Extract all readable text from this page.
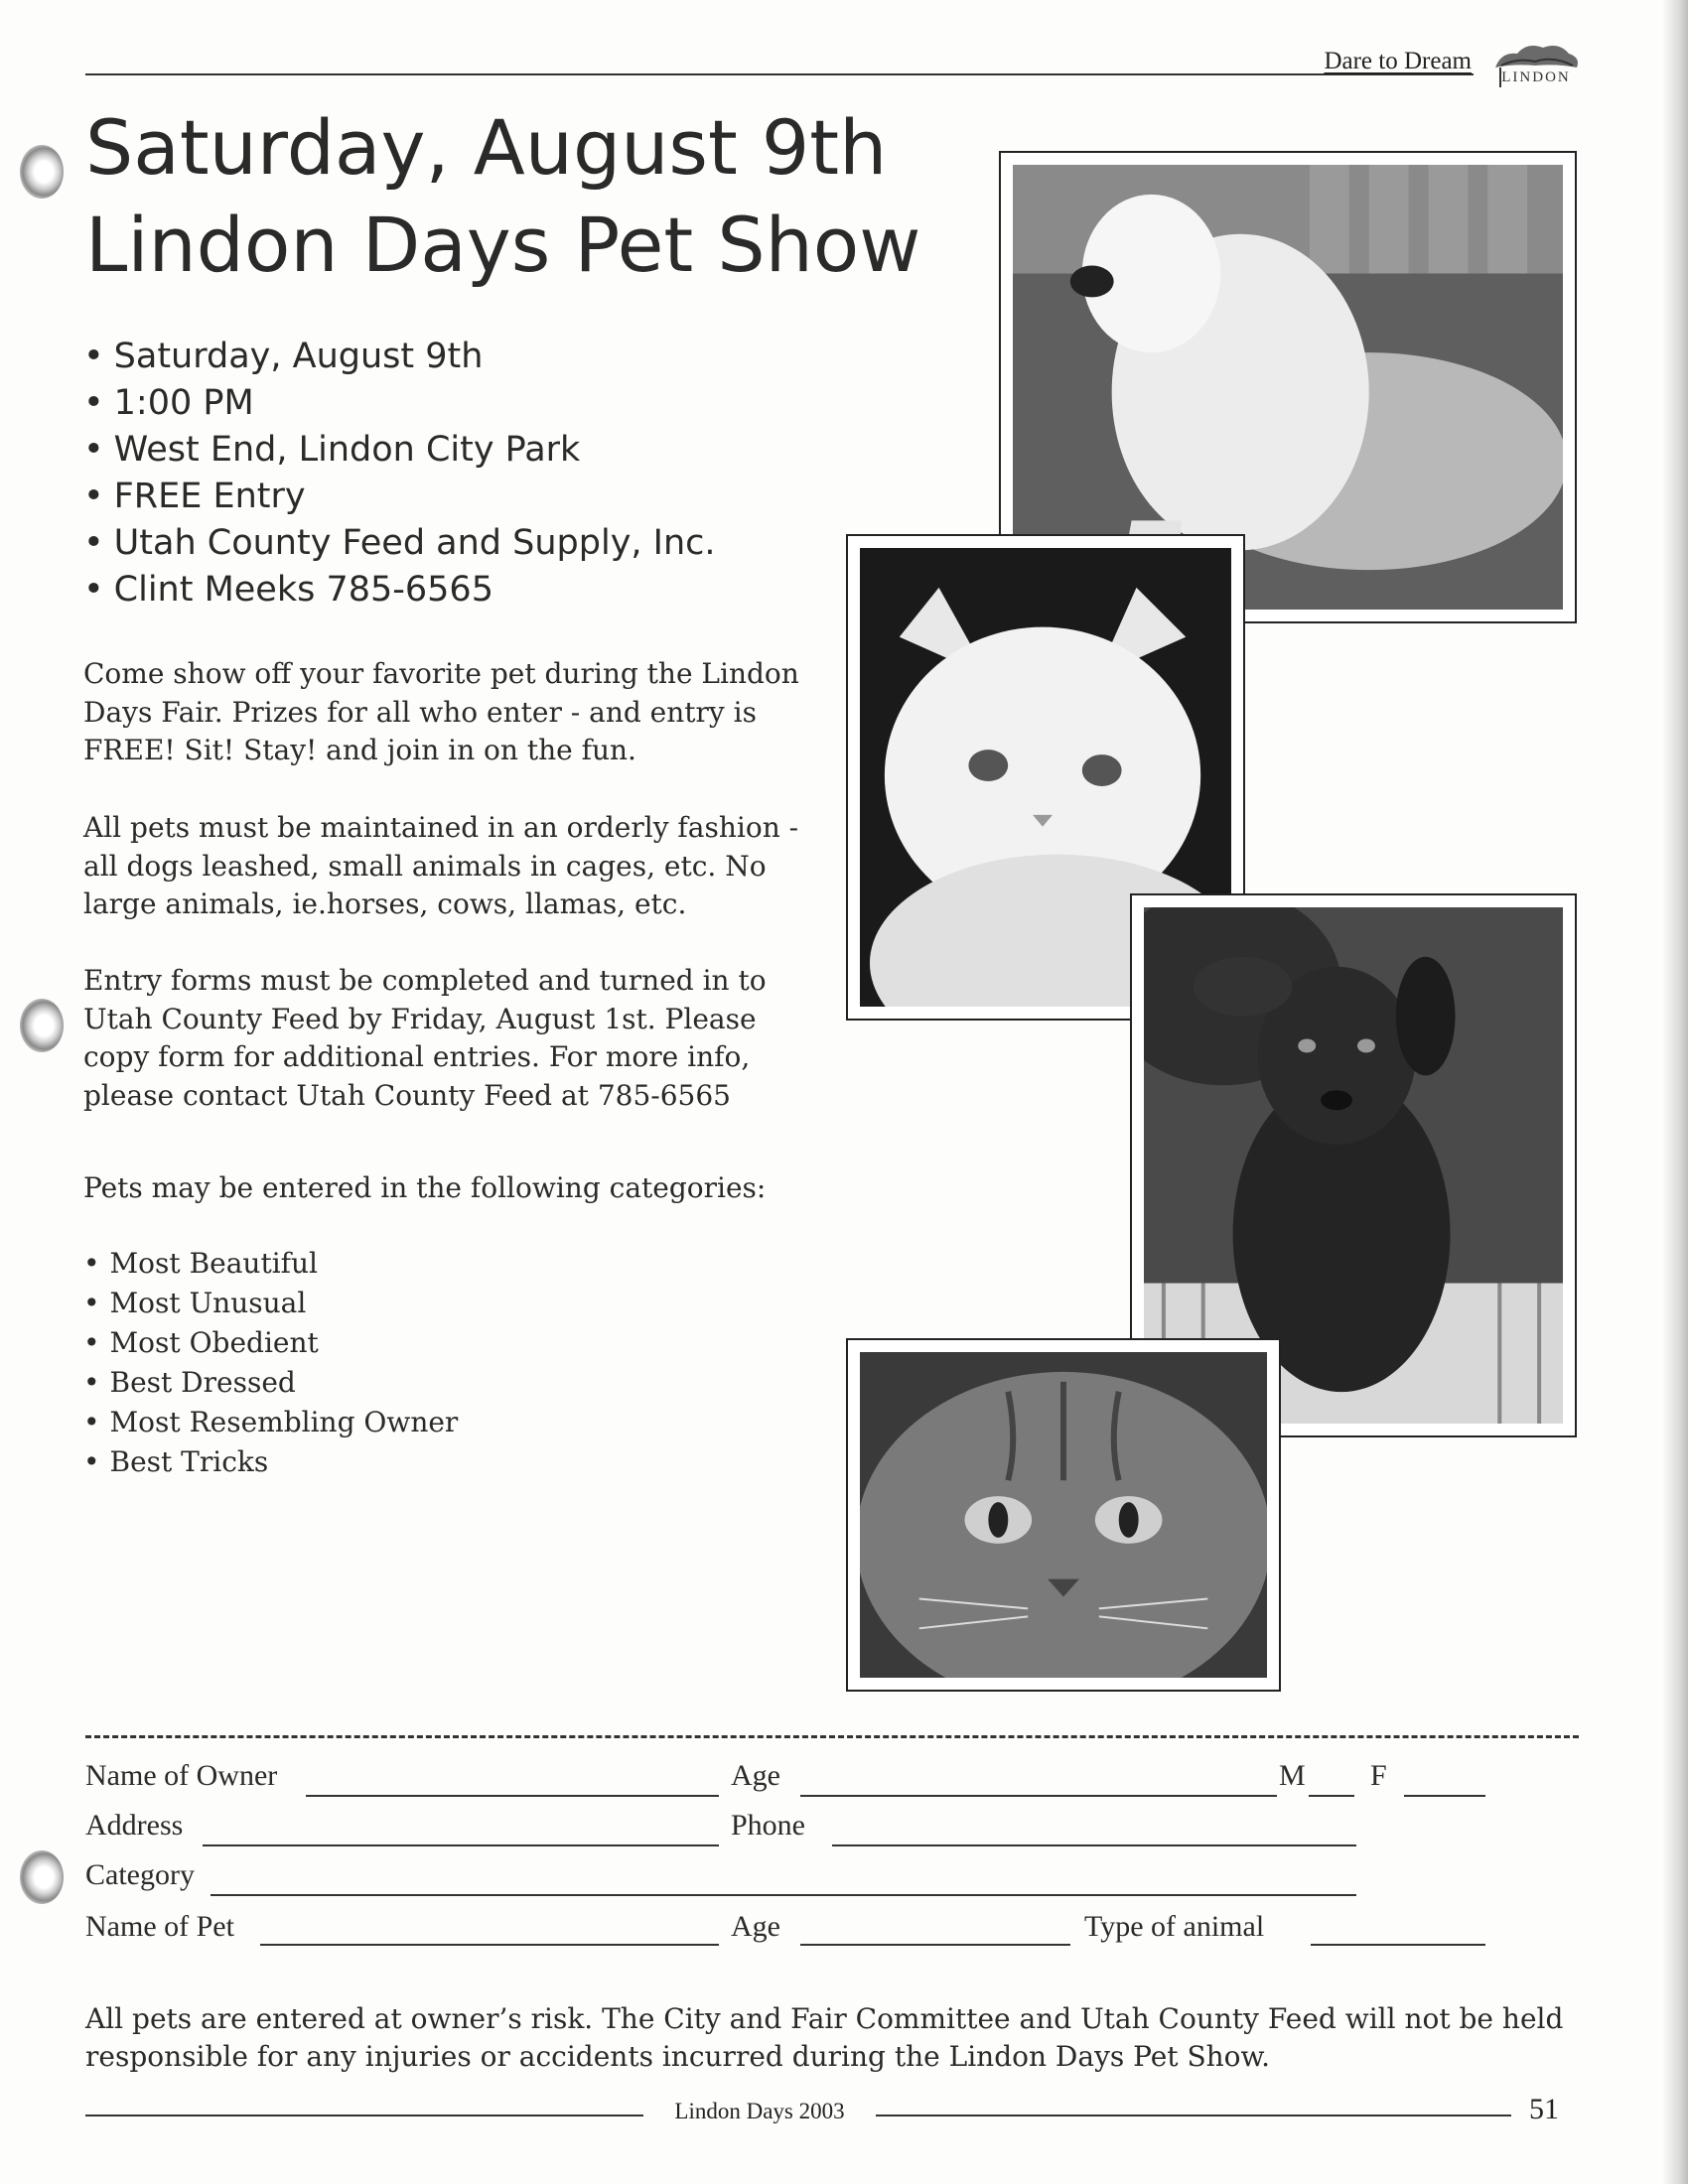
Dare to Dream
LINDON
Saturday, August 9th
Lindon Days Pet Show
• Saturday, August 9th
• 1:00 PM
• West End, Lindon City Park
• FREE Entry
• Utah County Feed and Supply, Inc.
• Clint Meeks 785-6565

Come show off your favorite pet during the Lindon Days Fair. Prizes for all who enter - and entry is FREE! Sit! Stay! and join in on the fun.

All pets must be maintained in an orderly fashion - all dogs leashed, small animals in cages, etc. No large animals, ie.horses, cows, llamas, etc.

Entry forms must be completed and turned in to Utah County Feed by Friday, August 1st. Please copy form for additional entries. For more info, please contact Utah County Feed at 785-6565

Pets may be entered in the following categories:

• Most Beautiful
• Most Unusual
• Most Obedient
• Best Dressed
• Most Resembling Owner
• Best Tricks
Name of Owner	Age	M F
Address	Phone
Category
Name of Pet	Age	Type of animal

All pets are entered at owner’s risk. The City and Fair Committee and Utah County Feed will not be held responsible for any injuries or accidents incurred during the Lindon Days Pet Show.

Lindon Days 2003	51
